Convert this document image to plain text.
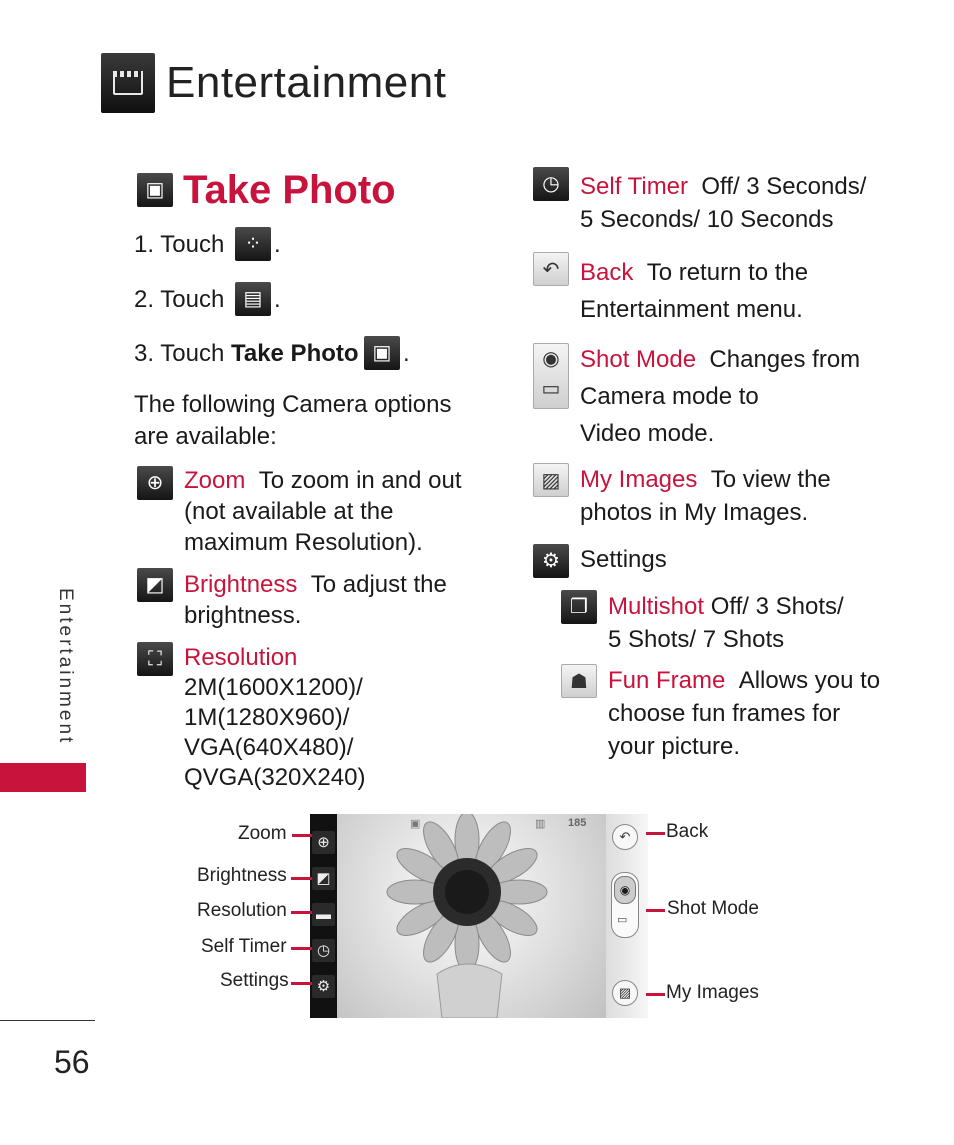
Entertainment
Entertainment
56
▣ Take Photo
1. Touch	⁘ .
2. Touch ▤ .
3. Touch Take Photo ▣ .
The following Camera options
are available:
⊕ Zoom To zoom in and out
(not available at the
maximum Resolution).
◩ Brightness To adjust the
brightness.
⛶ Resolution
2M(1600X1200)/
1M(1280X960)/
VGA(640X480)/
QVGA(320X240)
◷ Self Timer Off/ 3 Seconds/
5 Seconds/ 10 Seconds
↶ Back To return to the
Entertainment menu.
◉
▭
Shot Mode Changes from
Camera mode to
Video mode.
▨ My Images To view the
photos in My Images.
⚙ Settings
❐ Multishot Off/ 3 Shots/
5 Shots/ 7 Shots
☗ Fun Frame Allows you to
choose fun frames for
your picture.
⊕
◩
▬
◷
⚙
▣	▥ 185
↶
◉
▭
▨
Zoom
Brightness
Resolution
Self Timer
Settings
Back
Shot Mode
My Images
